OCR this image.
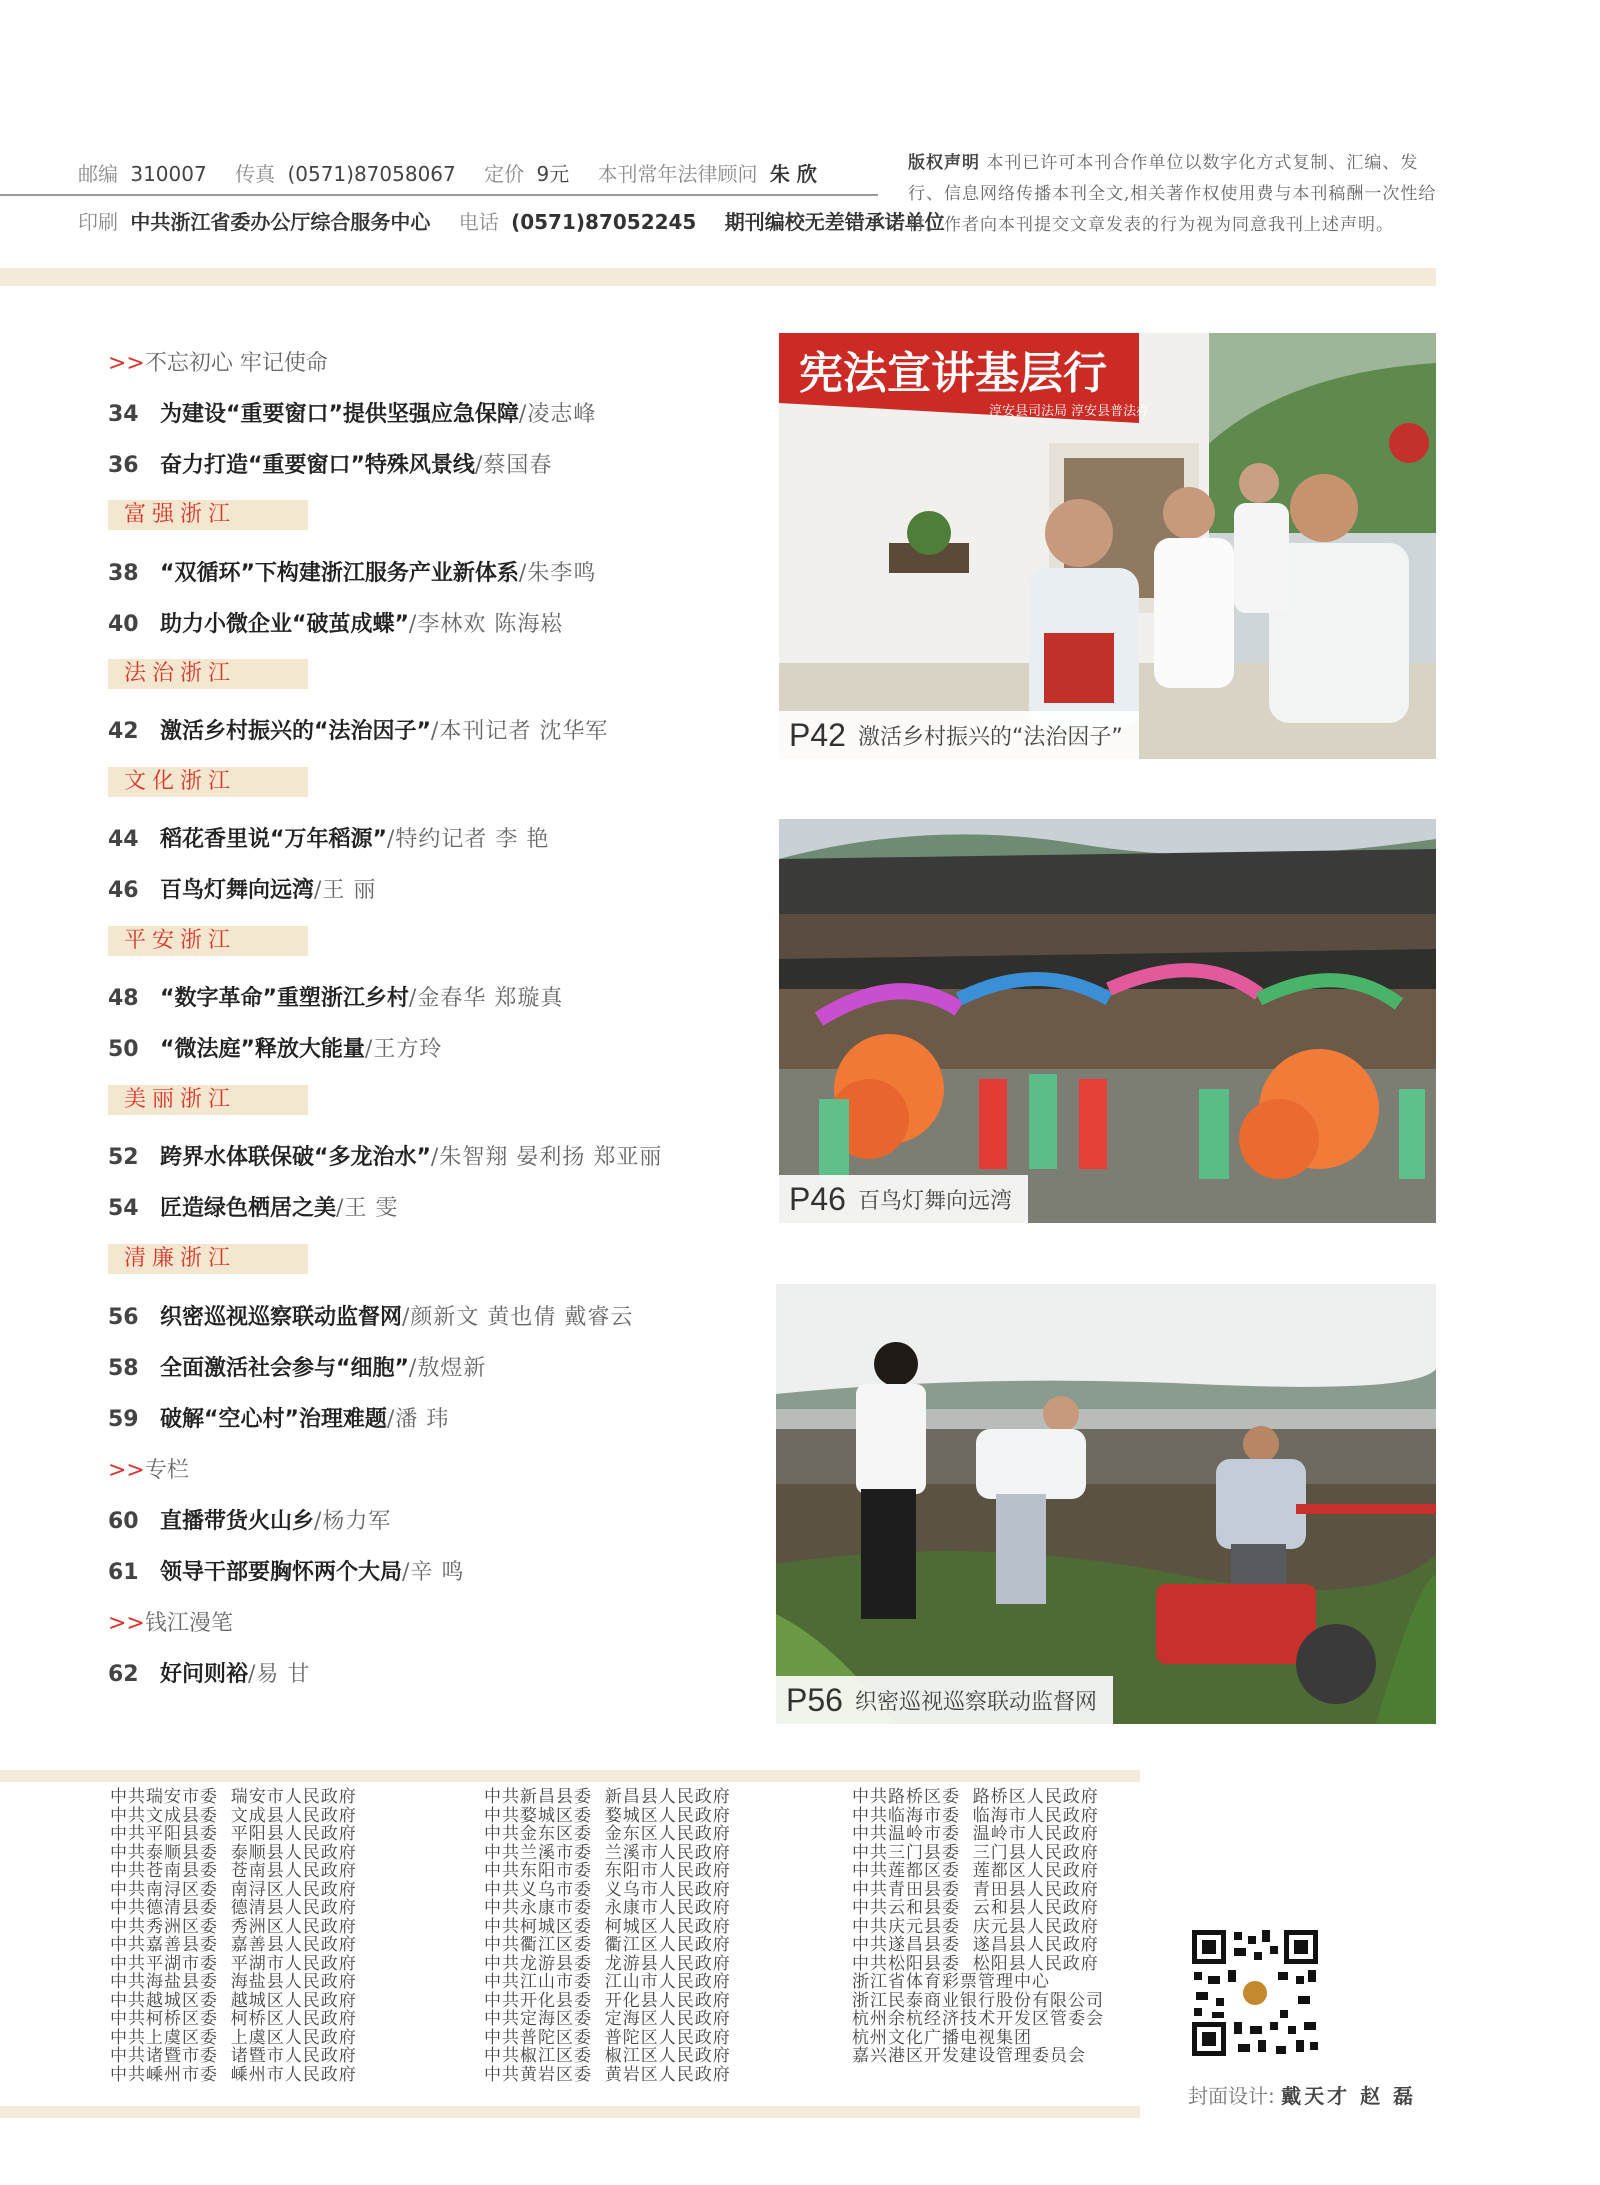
邮编 310007 传真 (0571)87058067 定价 9元 本刊常年法律顾问 朱 欣
印刷 中共浙江省委办公厅综合服务中心 电话 (0571)87052245 期刊编校无差错承诺单位
版权声明 本刊已许可本刊合作单位以数字化方式复制、汇编、发行、信息网络传播本刊全文,相关著作权使用费与本刊稿酬一次性给付。作者向本刊提交文章发表的行为视为同意我刊上述声明。
>>不忘初心 牢记使命
34 为建设“重要窗口”提供坚强应急保障/凌志峰
36 奋力打造“重要窗口”特殊风景线/蔡国春
富强浙江
38 “双循环”下构建浙江服务产业新体系/朱李鸣
40 助力小微企业“破茧成蝶”/李林欢 陈海崧
法治浙江
42 激活乡村振兴的“法治因子”/本刊记者 沈华军
文化浙江
44 稻花香里说“万年稻源”/特约记者 李 艳
46 百鸟灯舞向远湾/王 丽
平安浙江
48 “数字革命”重塑浙江乡村/金春华 郑璇真
50 “微法庭”释放大能量/王方玲
美丽浙江
52 跨界水体联保破“多龙治水”/朱智翔 晏利扬 郑亚丽
54 匠造绿色栖居之美/王 雯
清廉浙江
56 织密巡视巡察联动监督网/颜新文 黄也倩 戴睿云
58 全面激活社会参与“细胞”/敖煜新
59 破解“空心村”治理难题/潘 玮
>>专栏
60 直播带货火山乡/杨力军
61 领导干部要胸怀两个大局/辛 鸣
>>钱江漫笔
62 好问则裕/易 甘
宪法宣讲基层行
淳安县司法局 淳安县普法办
P42 激活乡村振兴的“法治因子”
P46 百鸟灯舞向远湾
P56 织密巡视巡察联动监督网
中共瑞安市委  瑞安市人民政府
中共文成县委  文成县人民政府
中共平阳县委  平阳县人民政府
中共泰顺县委  泰顺县人民政府
中共苍南县委  苍南县人民政府
中共南浔区委  南浔区人民政府
中共德清县委  德清县人民政府
中共秀洲区委  秀洲区人民政府
中共嘉善县委  嘉善县人民政府
中共平湖市委  平湖市人民政府
中共海盐县委  海盐县人民政府
中共越城区委  越城区人民政府
中共柯桥区委  柯桥区人民政府
中共上虞区委  上虞区人民政府
中共诸暨市委  诸暨市人民政府
中共嵊州市委  嵊州市人民政府
中共新昌县委  新昌县人民政府
中共婺城区委  婺城区人民政府
中共金东区委  金东区人民政府
中共兰溪市委  兰溪市人民政府
中共东阳市委  东阳市人民政府
中共义乌市委  义乌市人民政府
中共永康市委  永康市人民政府
中共柯城区委  柯城区人民政府
中共衢江区委  衢江区人民政府
中共龙游县委  龙游县人民政府
中共江山市委  江山市人民政府
中共开化县委  开化县人民政府
中共定海区委  定海区人民政府
中共普陀区委  普陀区人民政府
中共椒江区委  椒江区人民政府
中共黄岩区委  黄岩区人民政府
中共路桥区委  路桥区人民政府
中共临海市委  临海市人民政府
中共温岭市委  温岭市人民政府
中共三门县委  三门县人民政府
中共莲都区委  莲都区人民政府
中共青田县委  青田县人民政府
中共云和县委  云和县人民政府
中共庆元县委  庆元县人民政府
中共遂昌县委  遂昌县人民政府
中共松阳县委  松阳县人民政府
浙江省体育彩票管理中心
浙江民泰商业银行股份有限公司
杭州余杭经济技术开发区管委会
杭州文化广播电视集团
嘉兴港区开发建设管理委员会
封面设计: 戴天才 赵 磊
